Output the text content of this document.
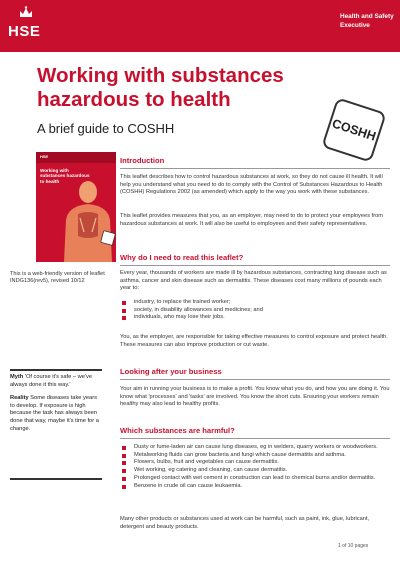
HSE
Health and Safety
Executive
Working with substances
hazardous to health
A brief guide to COSHH	COSHH
HSE
Working with substances hazardous to health
This is a web-friendly version of leaflet INDG136(rev5), revised 10/12

Myth 'Of course it's safe – we've always done it this way.'

Reality Some diseases take years to develop. If exposure is high because the task has always been done that way, maybe it's time for a change.

Introduction
This leaflet describes how to control hazardous substances at work, so they do not cause ill health. It will help you understand what you need to do to comply with the Control of Substances Hazardous to Health (COSHH) Regulations 2002 (as amended) which apply to the way you work with these substances.
This leaflet provides measures that you, as an employer, may need to do to protect your employees from hazardous substances at work. It will also be useful to employees and their safety representatives.
Why do I need to read this leaflet?
Every year, thousands of workers are made ill by hazardous substances, contracting lung disease such as asthma, cancer and skin disease such as dermatitis. These diseases cost many millions of pounds each year to:
industry, to replace the trained worker;
society, in disability allowances and medicines; and
individuals, who may lose their jobs.
You, as the employer, are responsible for taking effective measures to control exposure and protect health. These measures can also improve production or cut waste.
Looking after your business
Your aim in running your business is to make a profit. You know what you do, and how you are doing it. You know what 'processes' and 'tasks' are involved. You know the short cuts. Ensuring your workers remain healthy may also lead to healthy profits.
Which substances are harmful?
Dusty or fume-laden air can cause lung diseases, eg in welders, quarry workers or woodworkers.
Metalworking fluids can grow bacteria and fungi which cause dermatitis and asthma.
Flowers, bulbs, fruit and vegetables can cause dermatitis.
Wet working, eg catering and cleaning, can cause dermatitis.
Prolonged contact with wet cement in construction can lead to chemical burns and/or dermatitis.
Benzene in crude oil can cause leukaemia.
Many other products or substances used at work can be harmful, such as paint, ink, glue, lubricant, detergent and beauty products.
1 of 10 pages
